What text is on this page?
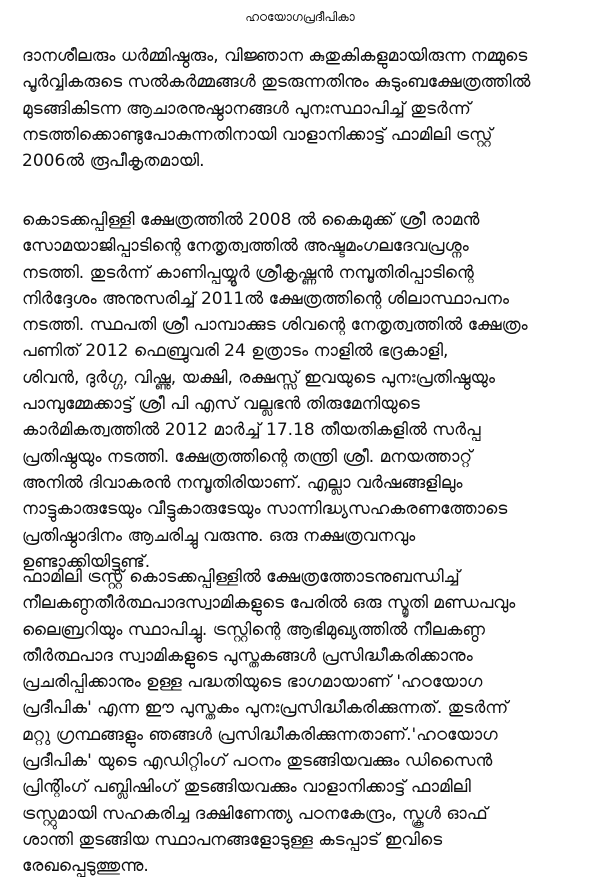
ഹഠയോഗപ്രദീപികാ
ദാനശീലരും ധർമ്മിഷ്ഠരും, വിജ്ഞാന കുതുകികളുമായിരുന്ന നമ്മുടെ
പൂർവ്വികരുടെ സൽകർമ്മങ്ങൾ തുടരുന്നതിനും കുടുംബക്ഷേത്രത്തിൽ
മുടങ്ങികിടന്ന ആചാരനുഷ്ഠാനങ്ങൾ പുനഃസ്ഥാപിച്ച് തുടർന്ന്
നടത്തിക്കൊണ്ടുപോകുന്നതിനായി വാളാനിക്കാട്ട് ഫാമിലി ട്രസ്റ്റ്
2006ൽ രൂപീകൃതമായി.
കൊടക്കപ്പിള്ളി ക്ഷേത്രത്തിൽ 2008 ൽ കൈമുക്ക് ശ്രീ രാമൻ
സോമയാജിപ്പാടിന്റെ നേതൃത്വത്തിൽ അഷ്ടമംഗലദേവപ്രശ്നം
നടത്തി. തുടർന്ന് കാണിപ്പയ്യൂർ ശ്രീകൃഷ്ണൻ നമ്പൂതിരിപ്പാടിന്റെ
നിർദ്ദേശം അനുസരിച്ച് 2011ൽ ക്ഷേത്രത്തിന്റെ ശിലാസ്ഥാപനം
നടത്തി. സ്ഥപതി ശ്രീ പാമ്പാക്കുട ശിവന്റെ നേതൃത്വത്തിൽ ക്ഷേത്രം
പണിത് 2012 ഫെബ്രുവരി 24 ഉത്രാടം നാളിൽ ഭദ്രകാളി,
ശിവൻ, ദുർഗ്ഗ, വിഷ്ണു, യക്ഷി, രക്ഷസ്സ് ഇവയുടെ പുനഃപ്രതിഷ്ഠയും
പാമ്പുമ്മേക്കാട്ട് ശ്രീ പി എസ് വല്ലഭൻ തിരുമേനിയുടെ
കാർമികത്വത്തിൽ 2012 മാർച്ച് 17.18 തീയതികളിൽ സർപ്പ
പ്രതിഷ്ഠയും നടത്തി. ക്ഷേത്രത്തിന്റെ തന്ത്രി ശ്രീ. മനയത്താറ്റ്
അനിൽ ദിവാകരൻ നമ്പൂതിരിയാണ്. എല്ലാ വർഷങ്ങളിലും
നാട്ടുകാരുടേയും വീട്ടുകാരുടേയും സാന്നിദ്ധ്യസഹകരണത്തോടെ
പ്രതിഷ്ഠാദിനം ആചരിച്ചു വരുന്നു. ഒരു നക്ഷത്രവനവും
ഉണ്ടാക്കിയിട്ടുണ്ട്.
ഫാമിലി ട്രസ്റ്റ് കൊടക്കപ്പിള്ളിൽ ക്ഷേത്രത്തോടനുബന്ധിച്ച്
നീലകണ്ഠതീർത്ഥപാദസ്വാമികളുടെ പേരിൽ ഒരു സ്മൃതി മണ്ഡപവും
ലൈബ്രറിയും സ്ഥാപിച്ചു. ട്രസ്റ്റിന്റെ ആഭിമുഖ്യത്തിൽ നീലകണ്ഠ
തീർത്ഥപാദ സ്വാമികളുടെ പുസ്തകങ്ങൾ പ്രസിദ്ധീകരിക്കാനും
പ്രചരിപ്പിക്കാനും ഉള്ള പദ്ധതിയുടെ ഭാഗമായാണ് 'ഹഠയോഗ
പ്രദീപിക' എന്ന ഈ പുസ്തകം പുനഃപ്രസിദ്ധീകരിക്കുന്നത്. തുടർന്ന്
മറ്റു ഗ്രന്ഥങ്ങളും ഞങ്ങൾ പ്രസിദ്ധീകരിക്കുന്നതാണ്.'ഹഠയോഗ
പ്രദീപിക' യുടെ എഡിറ്റിംഗ് പഠനം തുടങ്ങിയവക്കും ഡിസൈൻ
പ്രിന്റിംഗ് പബ്ലിഷിംഗ് തുടങ്ങിയവക്കും വാളാനിക്കാട്ട് ഫാമിലി
ട്രസ്റ്റുമായി സഹകരിച്ച ദക്ഷിണേന്ത്യ പഠനകേന്ദ്രം, സ്കൂൾ ഓഫ്
ശാന്തി തുടങ്ങിയ സ്ഥാപനങ്ങളോടുള്ള കടപ്പാട് ഇവിടെ
രേഖപ്പെടുത്തുന്നു.
